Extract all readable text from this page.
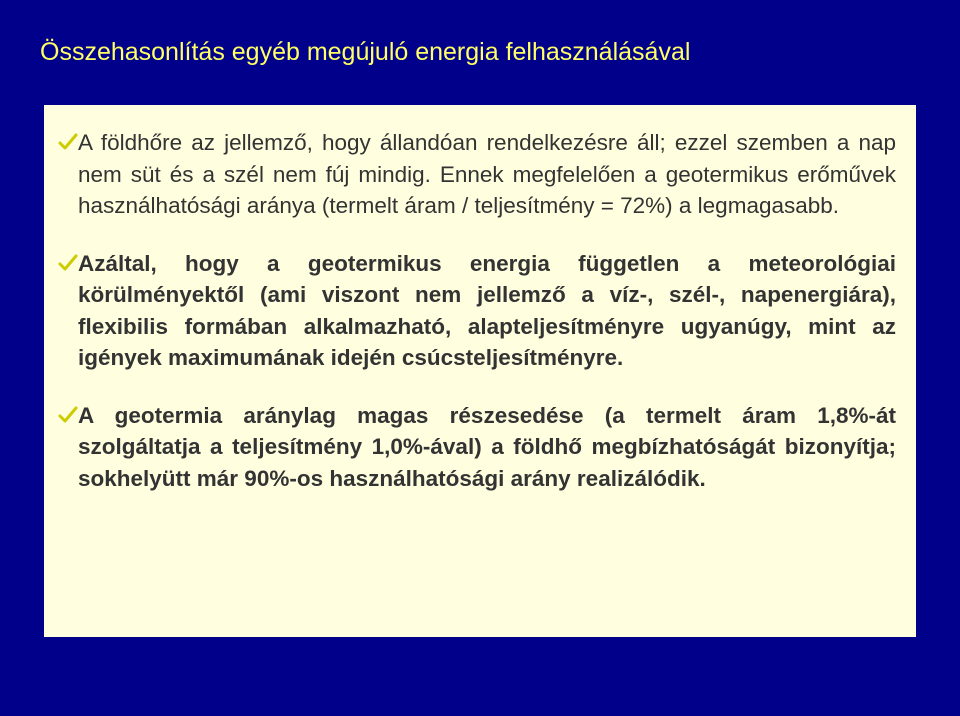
Összehasonlítás egyéb megújuló energia felhasználásával
A földhőre az jellemző, hogy állandóan rendelkezésre áll; ezzel szemben a nap nem süt és a szél nem fúj mindig. Ennek megfelelően a geotermikus erőművek használhatósági aránya (termelt áram / teljesítmény = 72%) a legmagasabb.
Azáltal, hogy a geotermikus energia független a meteorológiai körülményektől (ami viszont nem jellemző a víz-, szél-, napenergiára), flexibilis formában alkalmazható, alapteljesítményre ugyanúgy, mint az igények maximumának idején csúcsteljesítményre.
A geotermia aránylag magas részesedése (a termelt áram 1,8%-át szolgáltatja a teljesítmény 1,0%-ával) a földhő megbízhatóságát bizonyítja; sokhelyütt már 90%-os használhatósági arány realizálódik.
